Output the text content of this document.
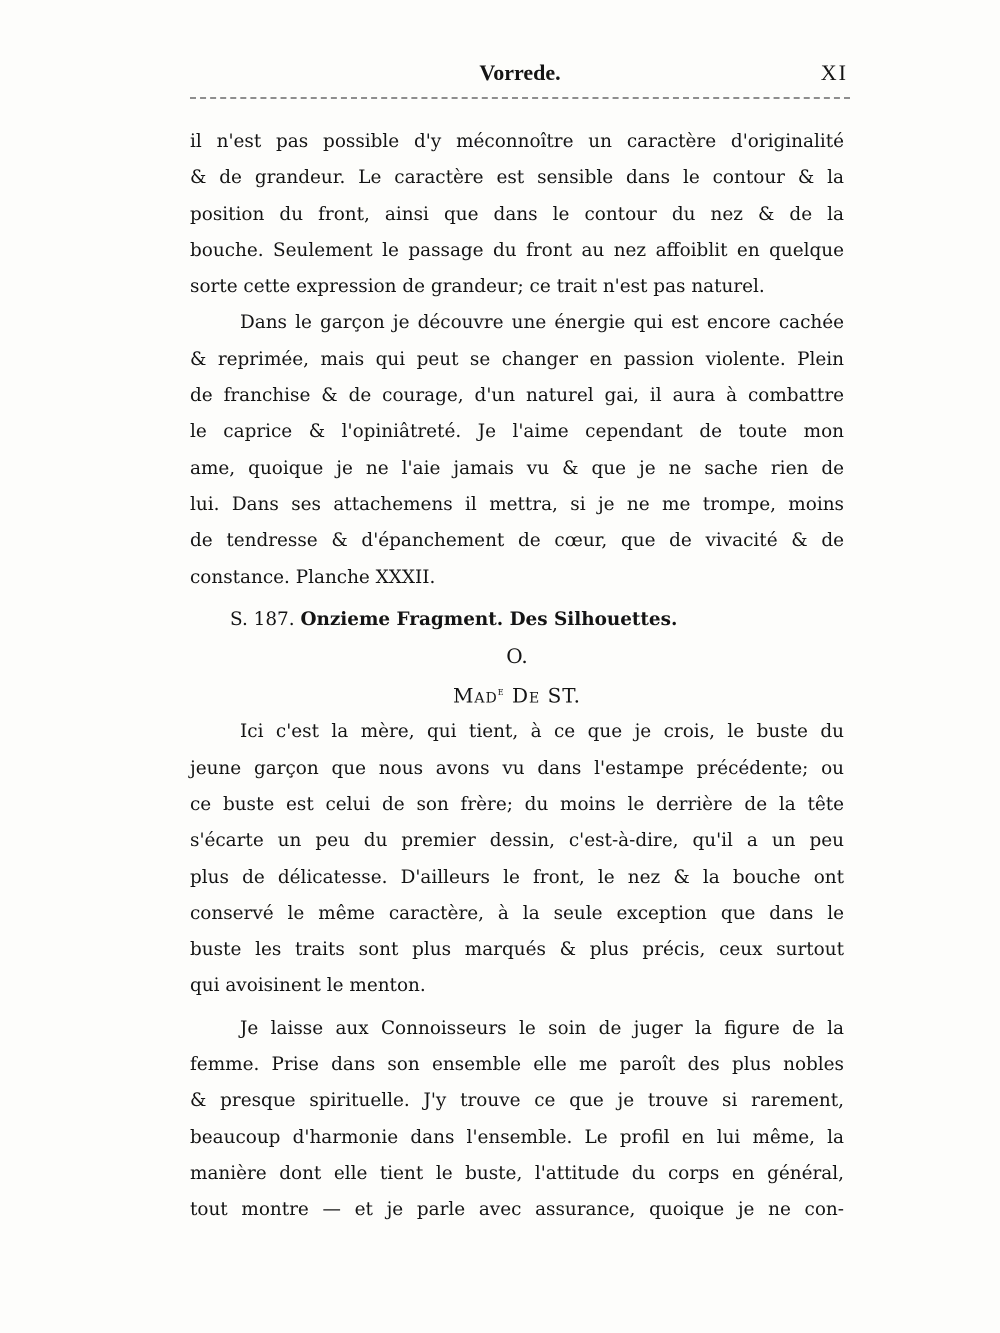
Vorrede.	XI

il n'est pas possible d'y méconnoître un caractère d'originalité
& de grandeur. Le caractère est sensible dans le contour & la
position du front, ainsi que dans le contour du nez & de la
bouche. Seulement le passage du front au nez affoiblit en quelque
sorte cette expression de grandeur; ce trait n'est pas naturel.

Dans le garçon je découvre une énergie qui est encore cachée
& reprimée, mais qui peut se changer en passion violente. Plein
de franchise & de courage, d'un naturel gai, il aura à combattre
le caprice & l'opiniâtreté. Je l'aime cependant de toute mon
ame, quoique je ne l'aie jamais vu & que je ne sache rien de
lui. Dans ses attachemens il mettra, si je ne me trompe, moins
de tendresse & d'épanchement de cœur, que de vivacité & de
constance. Planche XXXII.

S. 187. Onzieme Fragment. Des Silhouettes.

O.

Mad$^e$ De ST.

Ici c'est la mère, qui tient, à ce que je crois, le buste du
jeune garçon que nous avons vu dans l'estampe précédente; ou
ce buste est celui de son frère; du moins le derrière de la tête
s'écarte un peu du premier dessin, c'est-à-dire, qu'il a un peu
plus de délicatesse. D'ailleurs le front, le nez & la bouche ont
conservé le même caractère, à la seule exception que dans le
buste les traits sont plus marqués & plus précis, ceux surtout
qui avoisinent le menton.

Je laisse aux Connoisseurs le soin de juger la figure de la
femme. Prise dans son ensemble elle me paroît des plus nobles
& presque spirituelle. J'y trouve ce que je trouve si rarement,
beaucoup d'harmonie dans l'ensemble. Le profil en lui même, la
manière dont elle tient le buste, l'attitude du corps en général,
tout montre — et je parle avec assurance, quoique je ne con-
